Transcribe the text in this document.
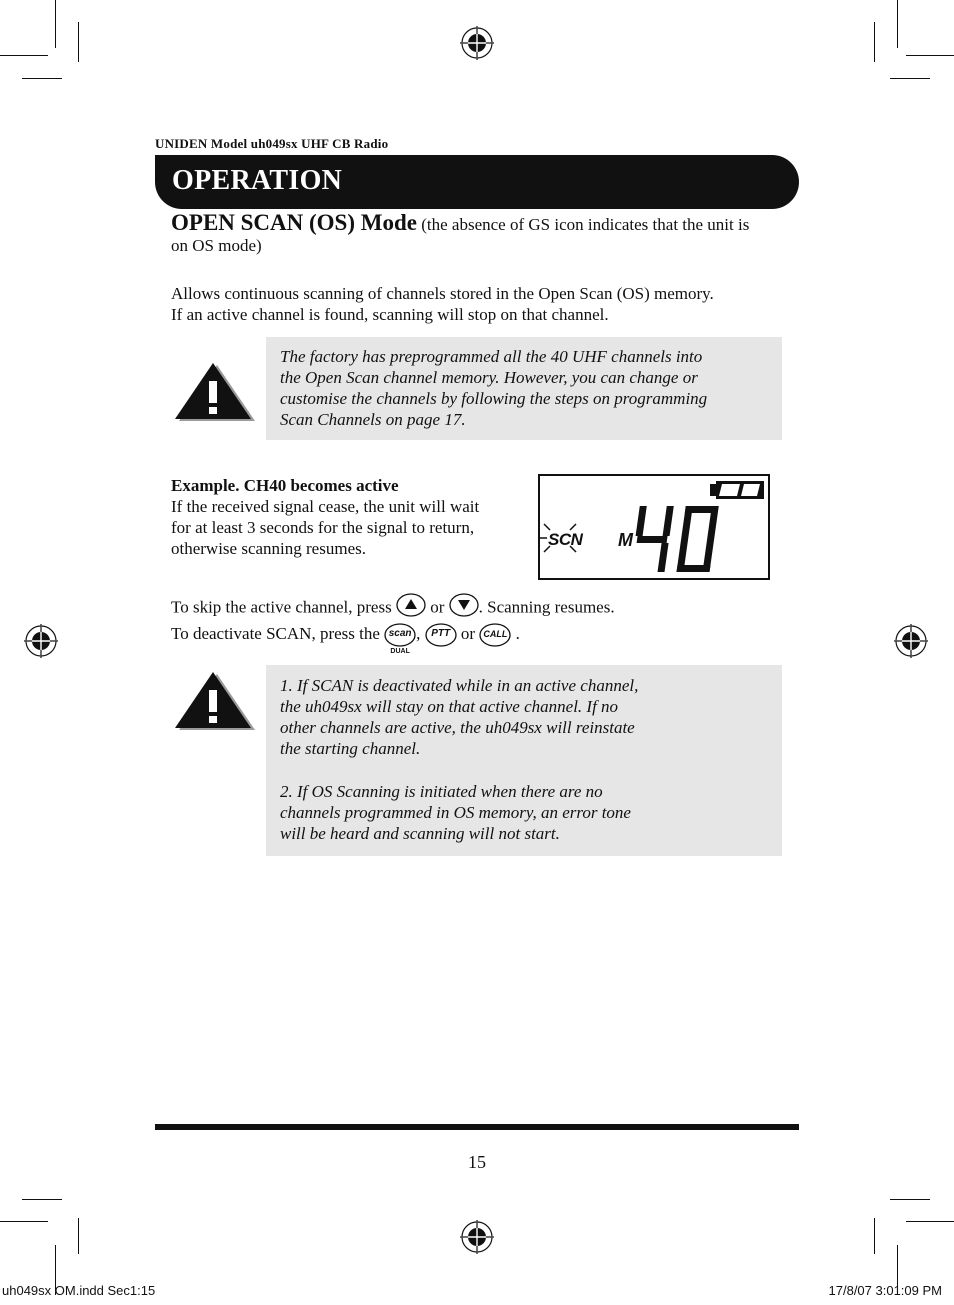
UNIDEN Model uh049sx UHF CB Radio
OPERATION
OPEN SCAN (OS) Mode (the absence of GS icon indicates that the unit is
on OS mode)
Allows continuous scanning of channels stored in the Open Scan (OS) memory.
If an active channel is found, scanning will stop on that channel.
The factory has preprogrammed all the 40 UHF channels into
the Open Scan channel memory. However, you can change or
customise the channels by following the steps on programming
Scan Channels on page 17.
Example. CH40 becomes active
If the received signal cease, the unit will wait
for at least 3 seconds for the signal to return,
otherwise scanning resumes.	SCN M
To skip the active channel, press  or . Scanning resumes.
To deactivate SCAN, press the scan
DUAL
, PTT or CALL .
1. If SCAN is deactivated while in an active channel,
the uh049sx will stay on that active channel. If no
other channels are active, the uh049sx will reinstate
the starting channel.
2. If OS Scanning is initiated when there are no
channels programmed in OS memory, an error tone
will be heard and scanning will not start.
15
uh049sx OM.indd Sec1:15	17/8/07 3:01:09 PM
